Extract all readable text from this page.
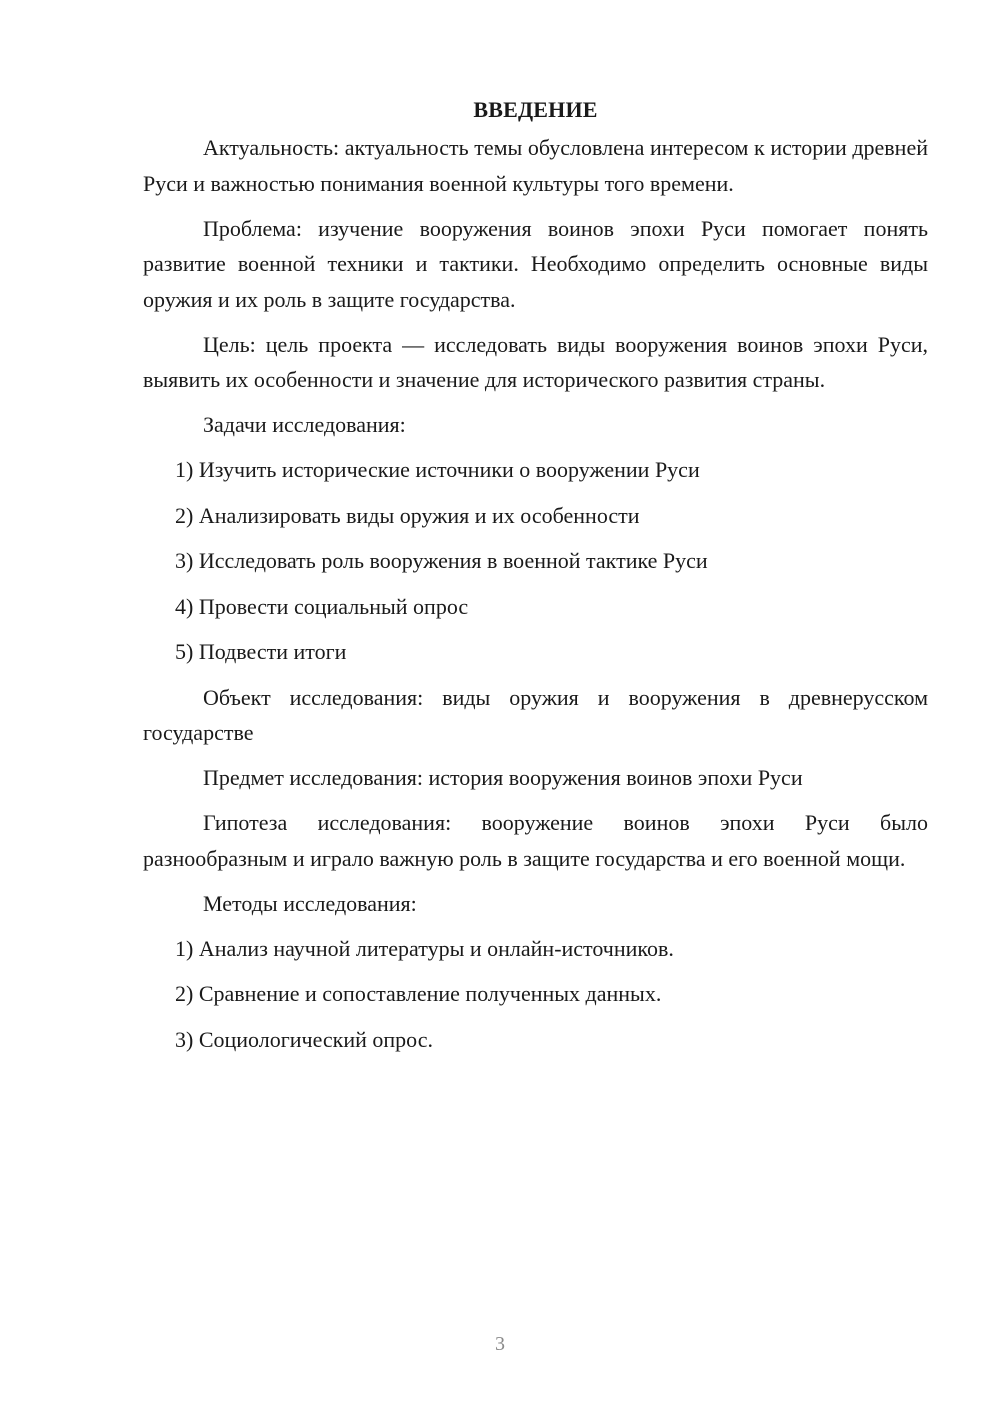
ВВЕДЕНИЕ

Актуальность: актуальность темы обусловлена интересом к истории древней Руси и важностью понимания военной культуры того времени.

Проблема: изучение вооружения воинов эпохи Руси помогает понять развитие военной техники и тактики. Необходимо определить основные виды оружия и их роль в защите государства.

Цель: цель проекта — исследовать виды вооружения воинов эпохи Руси, выявить их особенности и значение для исторического развития страны.

Задачи исследования:

1) Изучить исторические источники о вооружении Руси
2) Анализировать виды оружия и их особенности
3) Исследовать роль вооружения в военной тактике Руси
4) Провести социальный опрос
5) Подвести итоги

Объект исследования: виды оружия и вооружения в древнерусском государстве

Предмет исследования: история вооружения воинов эпохи Руси

Гипотеза исследования: вооружение воинов эпохи Руси было разнообразным и играло важную роль в защите государства и его военной мощи.

Методы исследования:

1) Анализ научной литературы и онлайн-источников.
2) Сравнение и сопоставление полученных данных.
3) Социологический опрос.
3
